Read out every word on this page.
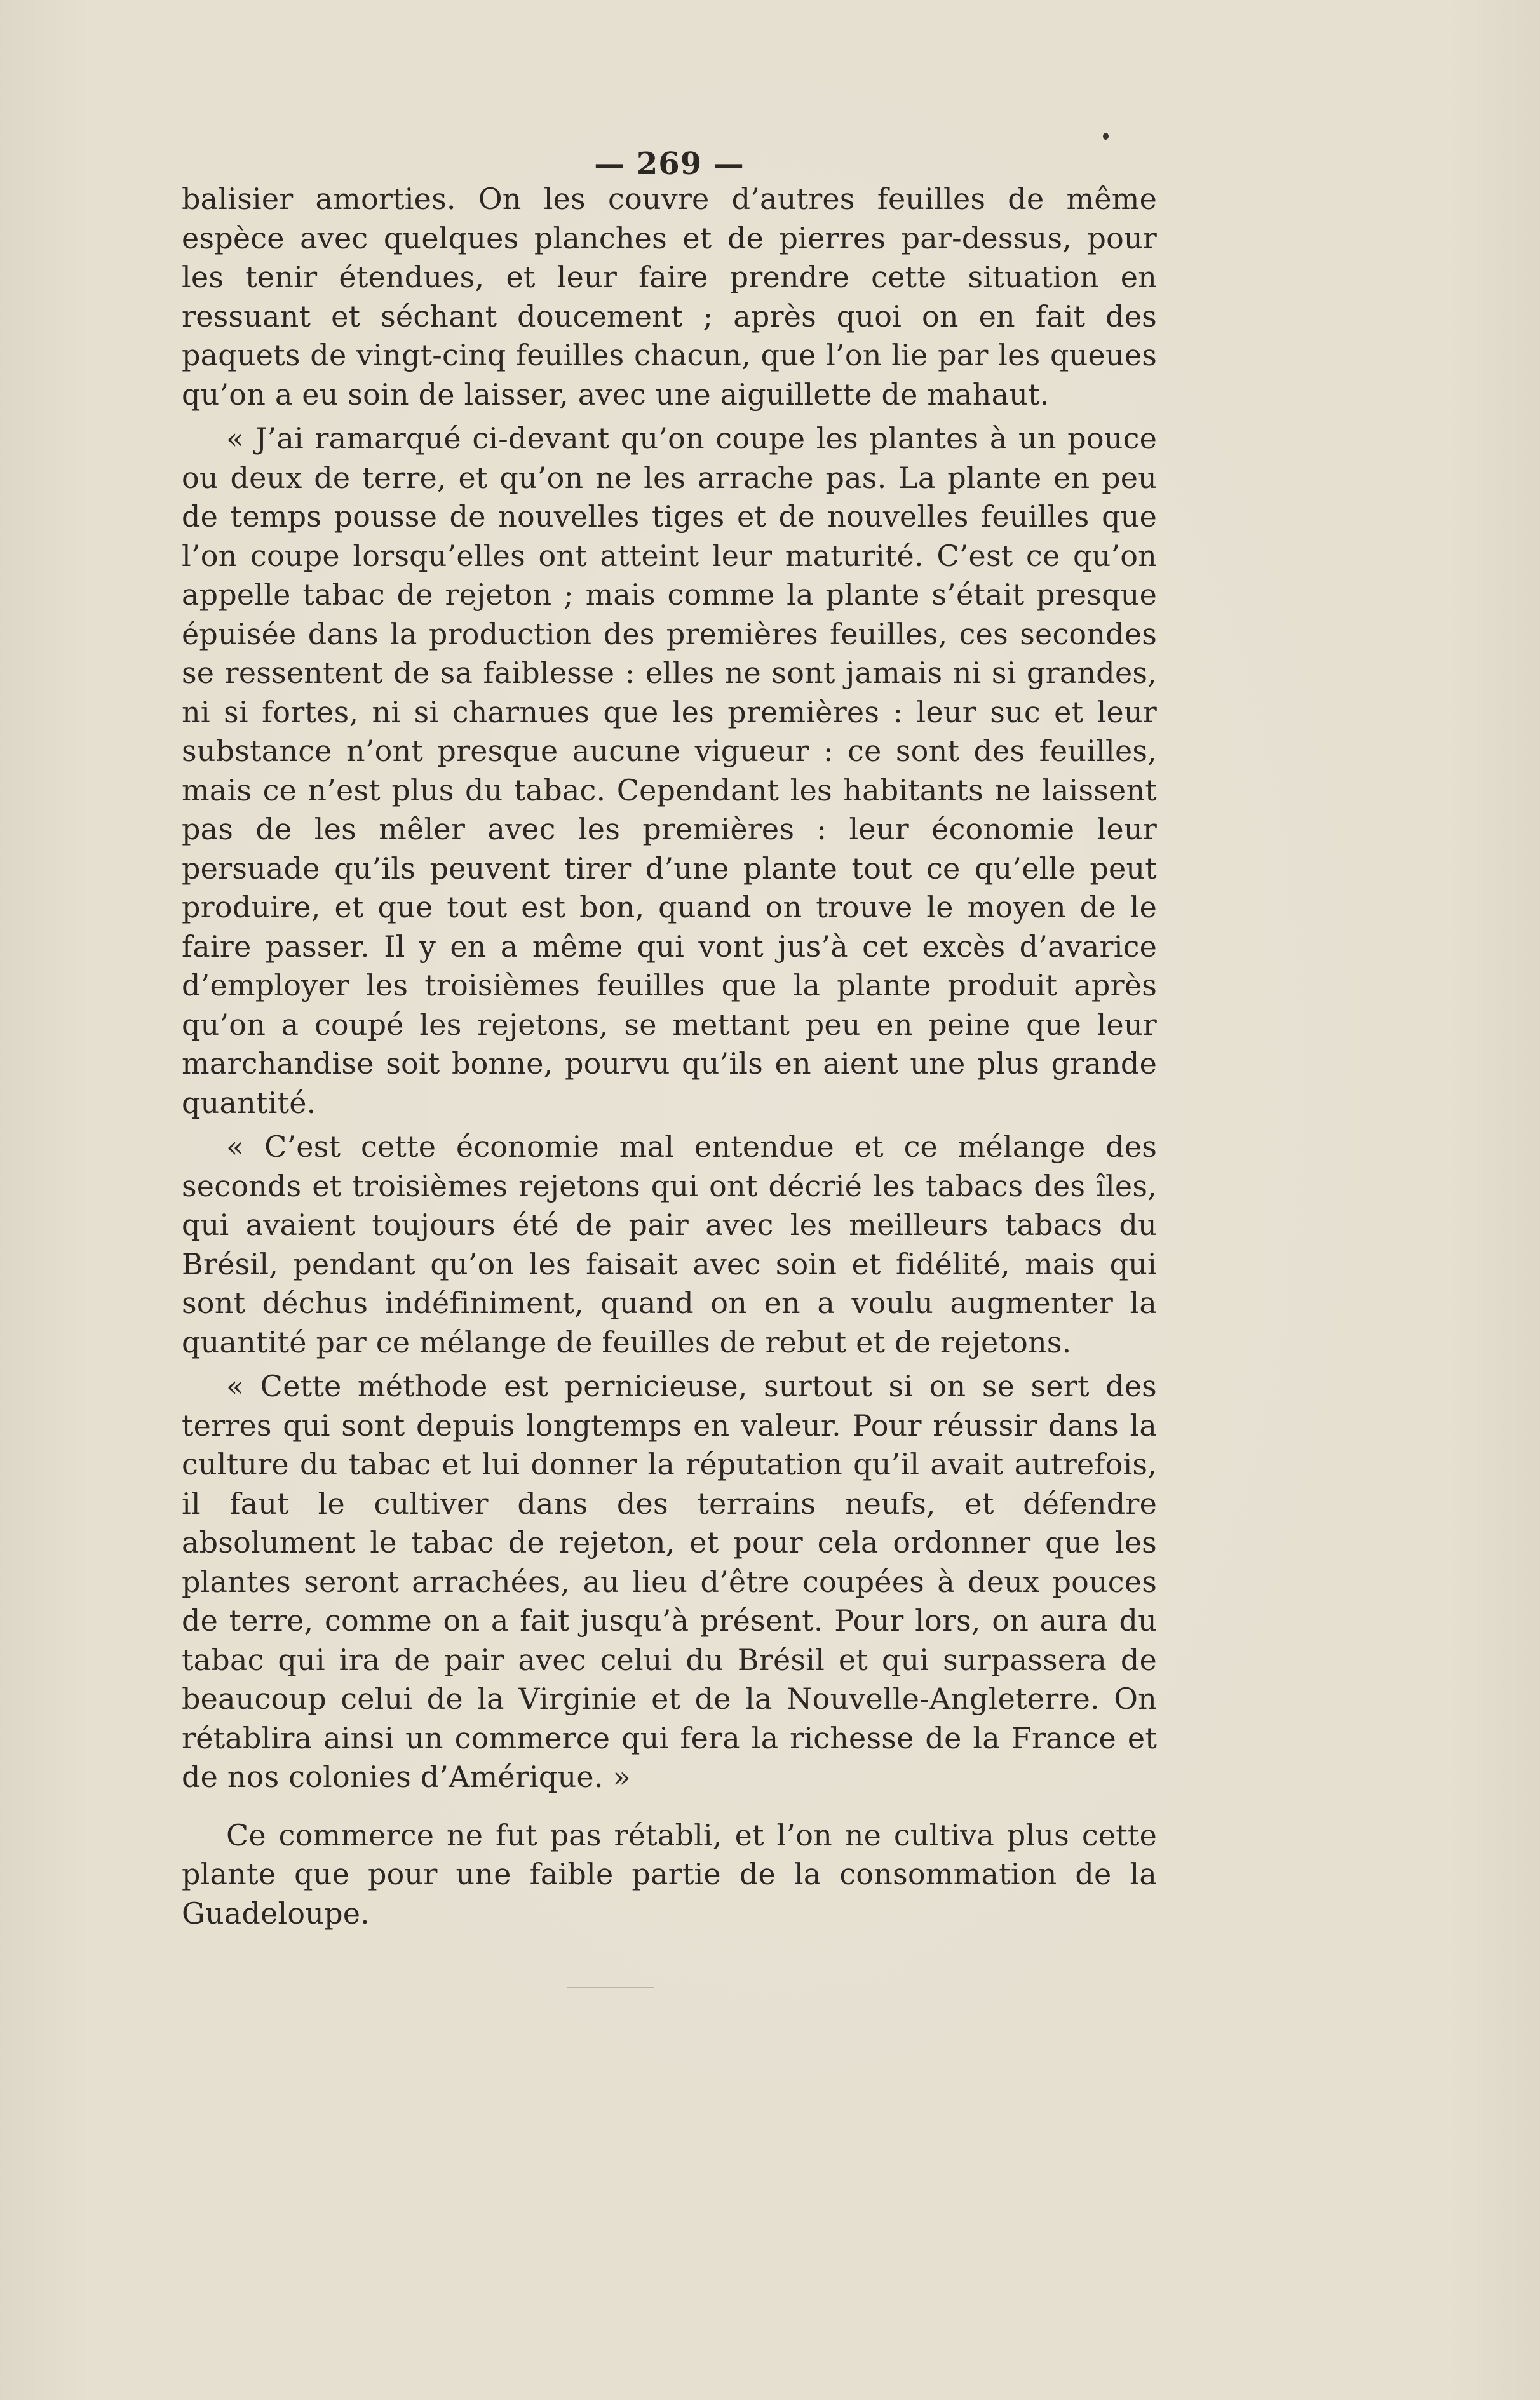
— 269 —

balisier amorties. On les couvre d’autres feuilles de même espèce avec quelques planches et de pierres par-dessus, pour les tenir étendues, et leur faire prendre cette situation en ressuant et séchant doucement ; après quoi on en fait des paquets de vingt-cinq feuilles chacun, que l’on lie par les queues qu’on a eu soin de laisser, avec une aiguillette de mahaut.

« J’ai ramarqué ci-devant qu’on coupe les plantes à un pouce ou deux de terre, et qu’on ne les arrache pas. La plante en peu de temps pousse de nouvelles tiges et de nouvelles feuilles que l’on coupe lorsqu’elles ont atteint leur maturité. C’est ce qu’on appelle tabac de rejeton ; mais comme la plante s’était presque épuisée dans la production des premières feuilles, ces secondes se ressentent de sa faiblesse : elles ne sont jamais ni si grandes, ni si fortes, ni si charnues que les premières : leur suc et leur substance n’ont presque aucune vigueur : ce sont des feuilles, mais ce n’est plus du tabac. Cependant les habitants ne laissent pas de les mêler avec les premières : leur économie leur persuade qu’ils peuvent tirer d’une plante tout ce qu’elle peut produire, et que tout est bon, quand on trouve le moyen de le faire passer. Il y en a même qui vont jus’à cet excès d’avarice d’employer les troisièmes feuilles que la plante produit après qu’on a coupé les rejetons, se mettant peu en peine que leur marchandise soit bonne, pourvu qu’ils en aient une plus grande quantité.

« C’est cette économie mal entendue et ce mélange des seconds et troisièmes rejetons qui ont décrié les tabacs des îles, qui avaient toujours été de pair avec les meilleurs tabacs du Brésil, pendant qu’on les faisait avec soin et fidélité, mais qui sont déchus indéfiniment, quand on en a voulu augmenter la quantité par ce mélange de feuilles de rebut et de rejetons.

« Cette méthode est pernicieuse, surtout si on se sert des terres qui sont depuis longtemps en valeur. Pour réussir dans la culture du tabac et lui donner la réputation qu’il avait autrefois, il faut le cultiver dans des terrains neufs, et défendre absolument le tabac de rejeton, et pour cela ordonner que les plantes seront arrachées, au lieu d’être coupées à deux pouces de terre, comme on a fait jusqu’à présent. Pour lors, on aura du tabac qui ira de pair avec celui du Brésil et qui surpassera de beaucoup celui de la Virginie et de la Nouvelle-Angleterre. On rétablira ainsi un commerce qui fera la richesse de la France et de nos colonies d’Amérique. »

Ce commerce ne fut pas rétabli, et l’on ne cultiva plus cette plante que pour une faible partie de la consommation de la Guadeloupe.
